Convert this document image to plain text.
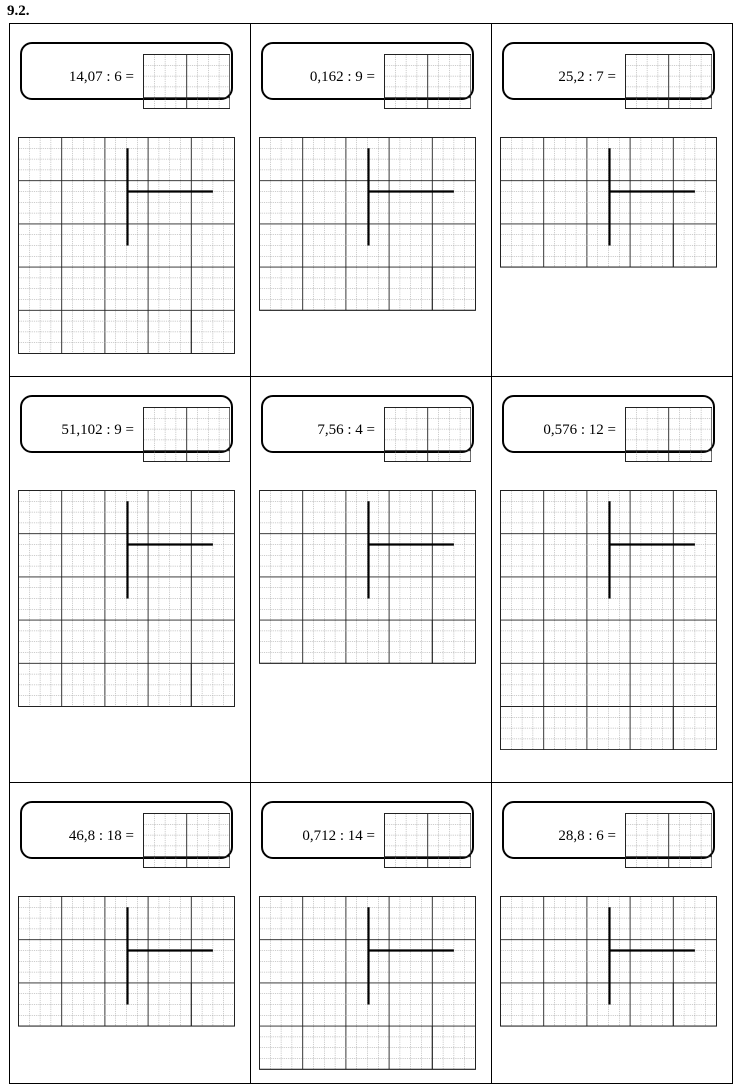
9.2.
14,07 : 6 =	0,162 : 9 =	25,2 : 7 =
51,102 : 9 =	7,56 : 4 =	0,576 : 12 =
46,8 : 18 =	0,712 : 14 =	28,8 : 6 =
